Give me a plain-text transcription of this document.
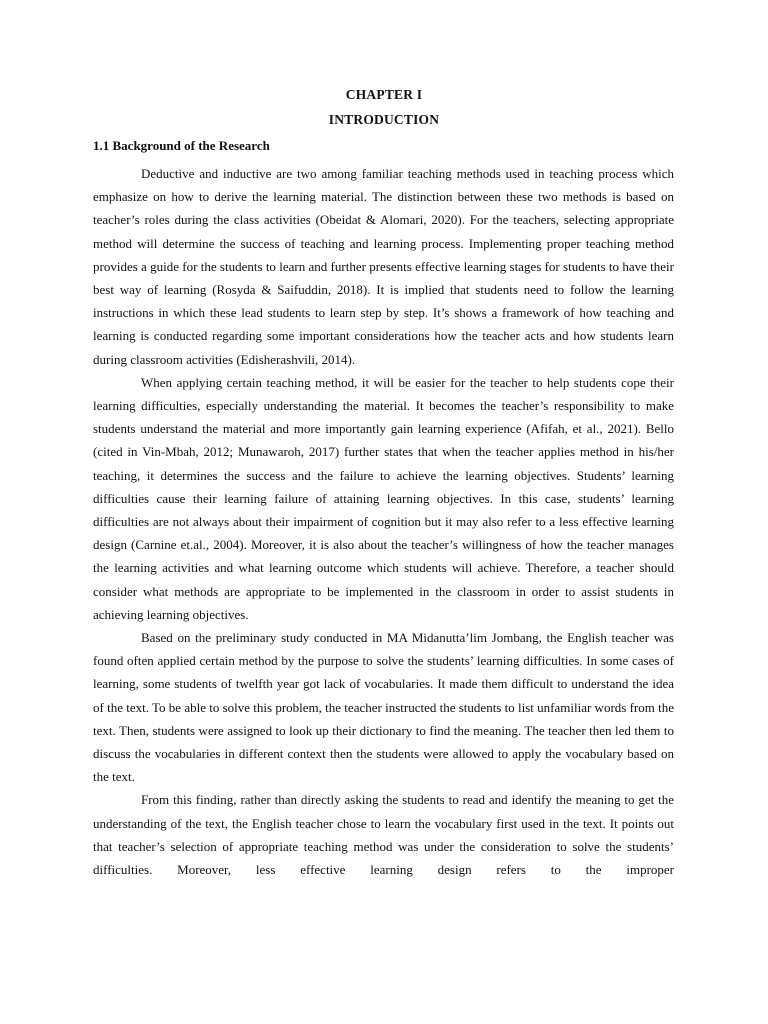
CHAPTER I
INTRODUCTION
1.1 Background of the Research

Deductive and inductive are two among familiar teaching methods used in teaching process which emphasize on how to derive the learning material. The distinction between these two methods is based on teacher’s roles during the class activities (Obeidat & Alomari, 2020). For the teachers, selecting appropriate method will determine the success of teaching and learning process. Implementing proper teaching method provides a guide for the students to learn and further presents effective learning stages for students to have their best way of learning (Rosyda & Saifuddin, 2018). It is implied that students need to follow the learning instructions in which these lead students to learn step by step. It’s shows a framework of how teaching and learning is conducted regarding some important considerations how the teacher acts and how students learn during classroom activities (Edisherashvili, 2014).

When applying certain teaching method, it will be easier for the teacher to help students cope their learning difficulties, especially understanding the material. It becomes the teacher’s responsibility to make students understand the material and more importantly gain learning experience (Afifah, et al., 2021). Bello (cited in Vin-Mbah, 2012; Munawaroh, 2017) further states that when the teacher applies method in his/her teaching, it determines the success and the failure to achieve the learning objectives. Students’ learning difficulties cause their learning failure of attaining learning objectives. In this case, students’ learning difficulties are not always about their impairment of cognition but it may also refer to a less effective learning design (Carnine et.al., 2004). Moreover, it is also about the teacher’s willingness of how the teacher manages the learning activities and what learning outcome which students will achieve. Therefore, a teacher should consider what methods are appropriate to be implemented in the classroom in order to assist students in achieving learning objectives.

Based on the preliminary study conducted in MA Midanutta’lim Jombang, the English teacher was found often applied certain method by the purpose to solve the students’ learning difficulties. In some cases of learning, some students of twelfth year got lack of vocabularies. It made them difficult to understand the idea of the text. To be able to solve this problem, the teacher instructed the students to list unfamiliar words from the text. Then, students were assigned to look up their dictionary to find the meaning. The teacher then led them to discuss the vocabularies in different context then the students were allowed to apply the vocabulary based on the text.

From this finding, rather than directly asking the students to read and identify the meaning to get the understanding of the text, the English teacher chose to learn the vocabulary first used in the text. It points out that teacher’s selection of appropriate teaching method was under the consideration to solve the students’ difficulties. Moreover, less effective learning design refers to the improper
